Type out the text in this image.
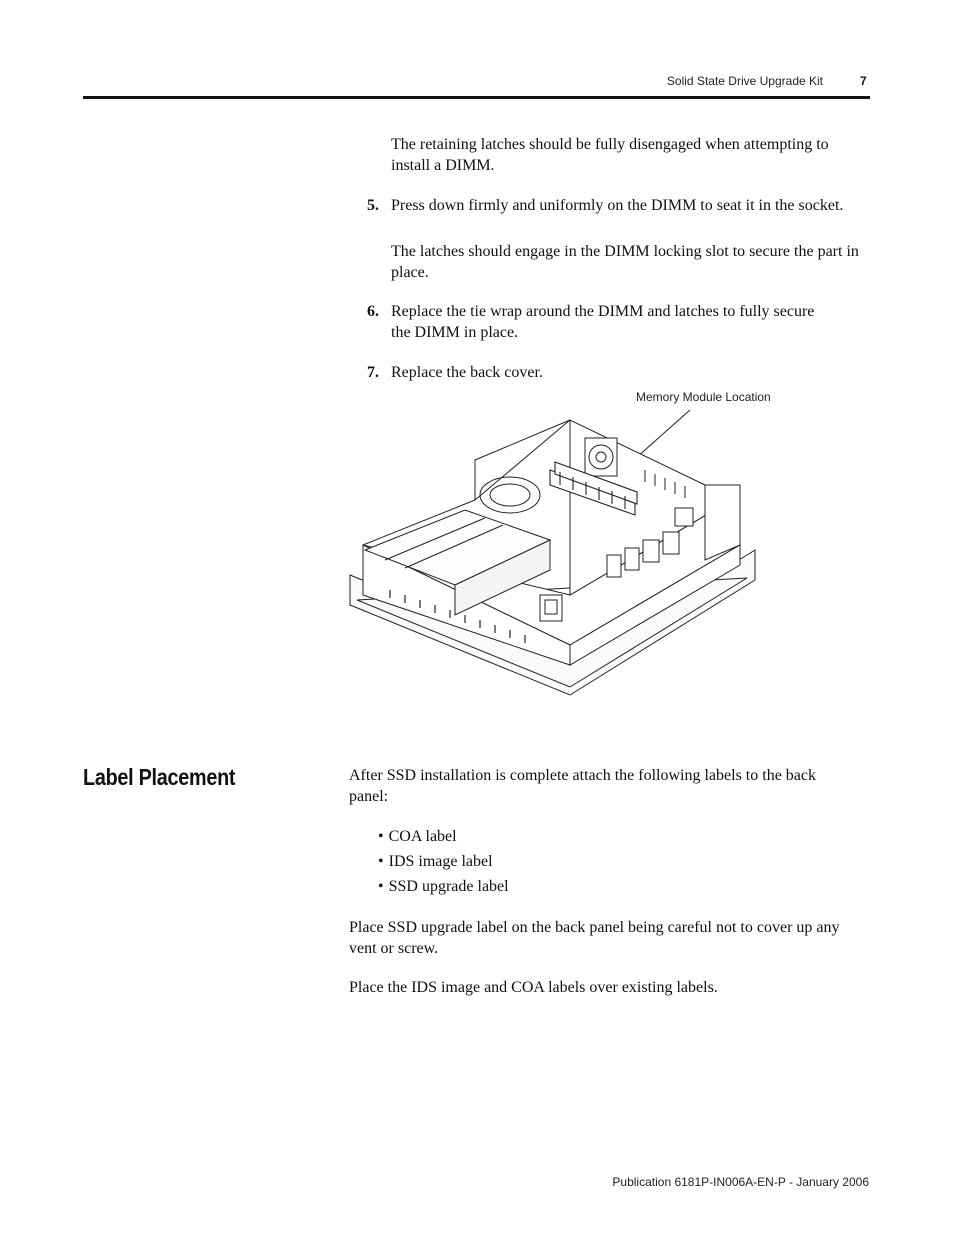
Solid State Drive Upgrade Kit	7

The retaining latches should be fully disengaged when attempting to install a DIMM.

5. Press down firmly and uniformly on the DIMM to seat it in the socket.

The latches should engage in the DIMM locking slot to secure the part in place.

6. Replace the tie wrap around the DIMM and latches to fully secure the DIMM in place.

7. Replace the back cover.

Memory Module Location
Label Placement	After SSD installation is complete attach the following labels to the back panel:

• COA label
• IDS image label
• SSD upgrade label

Place SSD upgrade label on the back panel being careful not to cover up any vent or screw.

Place the IDS image and COA labels over existing labels.

Publication 6181P-IN006A-EN-P - January 2006
